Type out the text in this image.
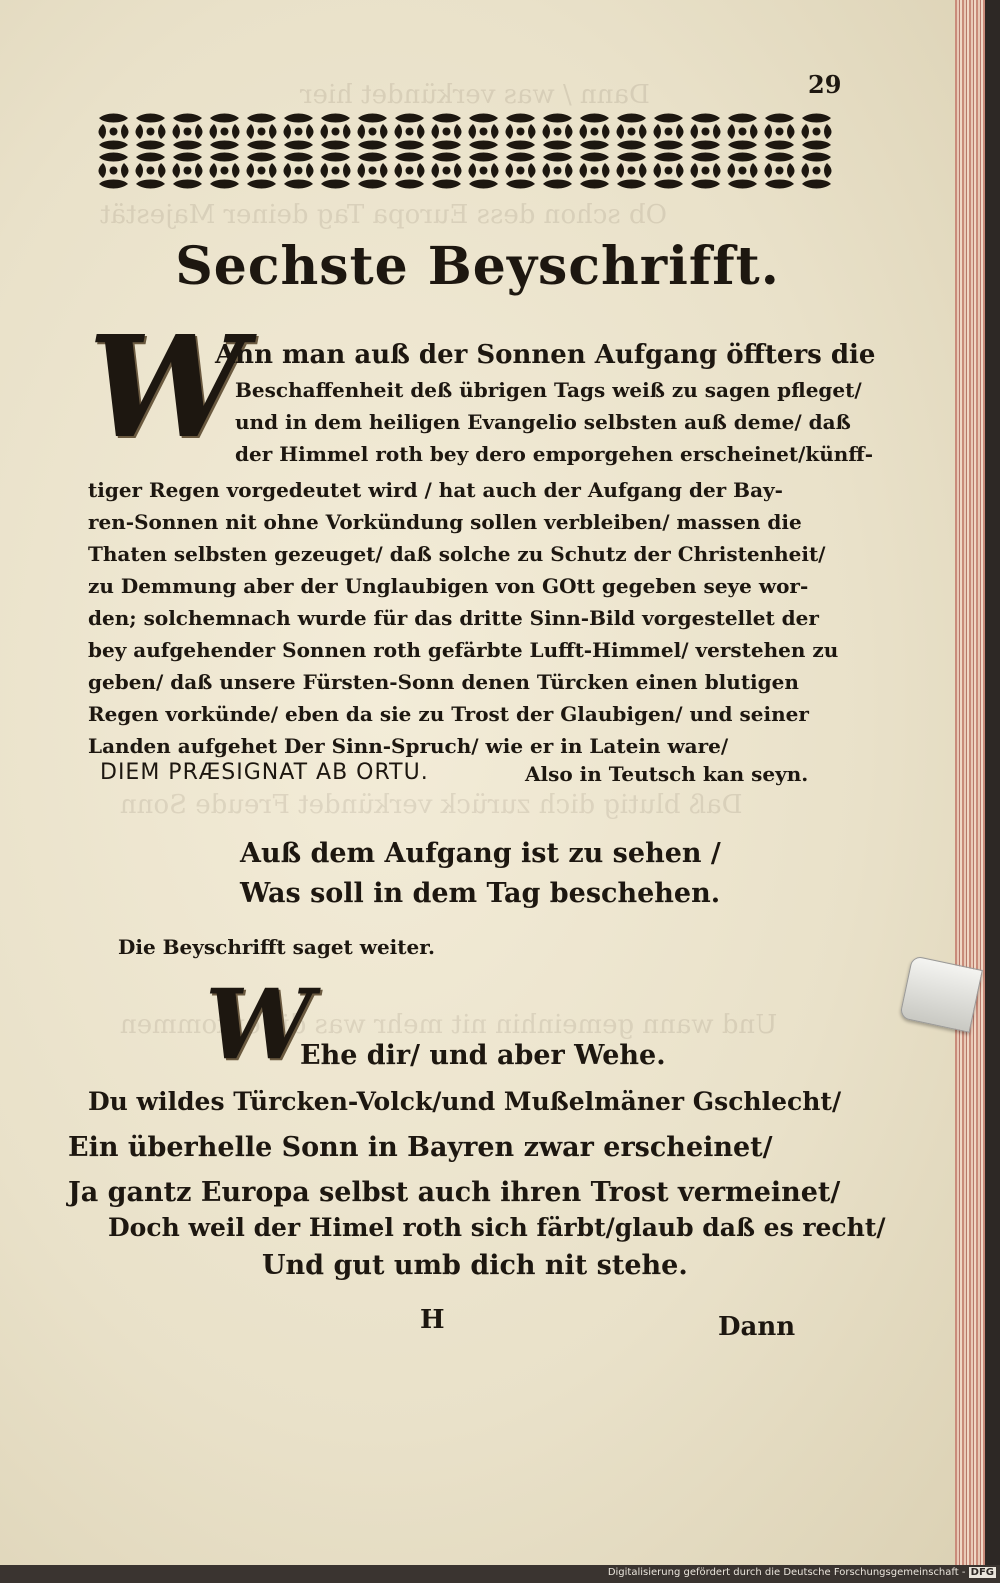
Dann / was verkündet hier
Ob schon dess Europa Tag deiner Majestät
Daß blutig dich zurück verkündet Freude Sonn
Und wann gemeinhin nit mehr was dir erkommen
29
Sechste Beyschrifft.
W
Ann man auß der Sonnen Aufgang öffters die
Beschaffenheit deß übrigen Tags weiß zu sagen pfleget/
und in dem heiligen Evangelio selbsten auß deme/ daß
der Himmel roth bey dero emporgehen erscheinet/künff-
tiger Regen vorgedeutet wird / hat auch der Aufgang der Bay-
ren-Sonnen nit ohne Vorkündung sollen verbleiben/ massen die
Thaten selbsten gezeuget/ daß solche zu Schutz der Christenheit/
zu Demmung aber der Unglaubigen von GOtt gegeben seye wor-
den; solchemnach wurde für das dritte Sinn-Bild vorgestellet der
bey aufgehender Sonnen roth gefärbte Lufft-Himmel/ verstehen zu
geben/ daß unsere Fürsten-Sonn denen Türcken einen blutigen
Regen vorkünde/ eben da sie zu Trost der Glaubigen/ und seiner
Landen aufgehet Der Sinn-Spruch/ wie er in Latein ware/
DIEM PRÆSIGNAT AB ORTU.	Also in Teutsch kan seyn.
Auß dem Aufgang ist zu sehen /
Was soll in dem Tag beschehen.
Die Beyschrifft saget weiter.
W
Ehe dir/ und aber Wehe.
Du wildes Türcken-Volck/und Mußelmäner Gschlecht/
Ein überhelle Sonn in Bayren zwar erscheinet/
Ja gantz Europa selbst auch ihren Trost vermeinet/
Doch weil der Himel roth sich färbt/glaub daß es recht/
Und gut umb dich nit stehe.
H	Dann
Digitalisierung gefördert durch die Deutsche Forschungsgemeinschaft - DFG
